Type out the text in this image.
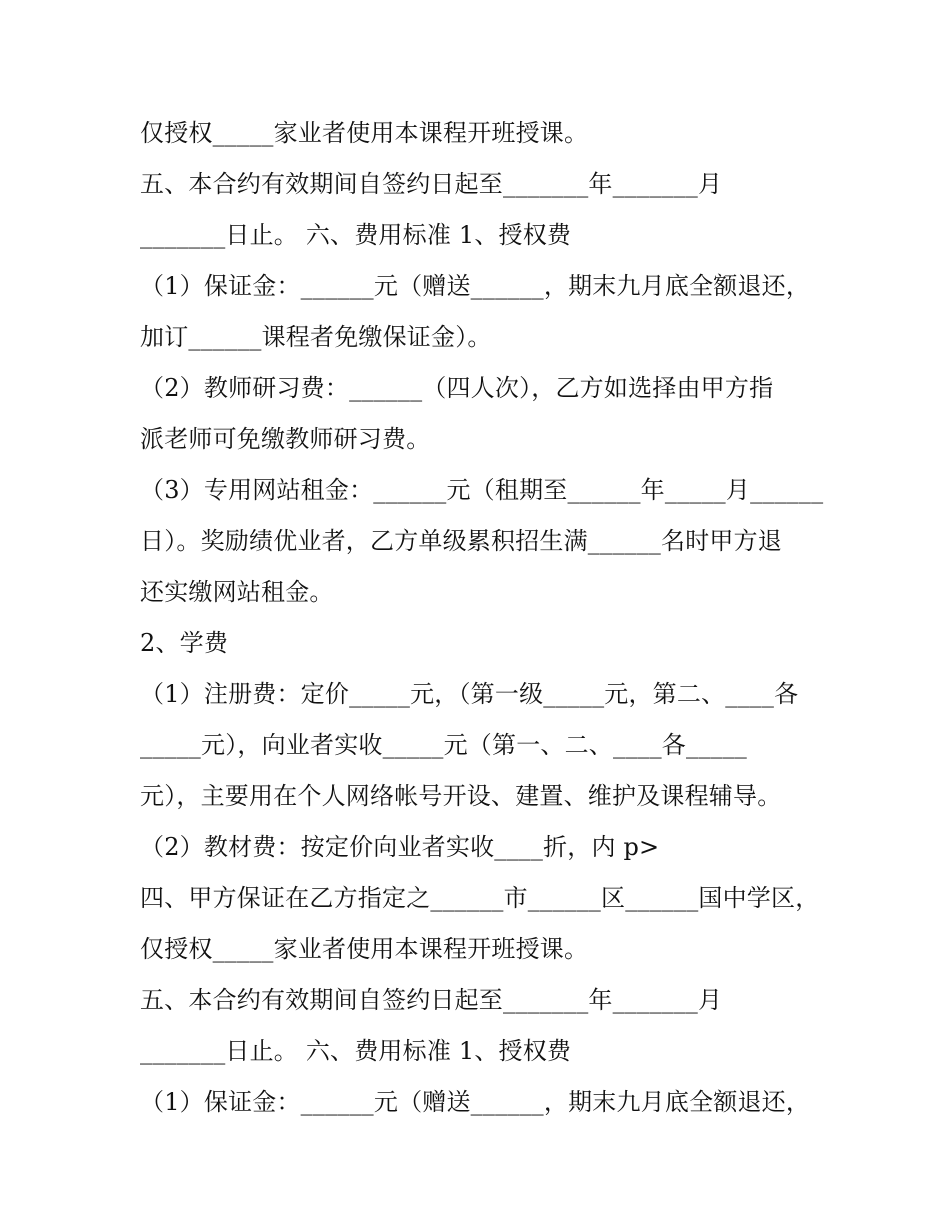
仅授权_____家业者使用本课程开班授课。
五、本合约有效期间自签约日起至_______年_______月
_______日止。 六、费用标准 1、授权费
（1）保证金：______元（赠送______，期末九月底全额退还，
加订______课程者免缴保证金）。
（2）教师研习费：______（四人次），乙方如选择由甲方指
派老师可免缴教师研习费。
（3）专用网站租金：______元（租期至______年_____月______
日）。奖励绩优业者，乙方单级累积招生满______名时甲方退
还实缴网站租金。
2、学费
（1）注册费：定价_____元，（第一级_____元，第二、____各
_____元），向业者实收_____元（第一、二、____各_____
元），主要用在个人网络帐号开设、建置、维护及课程辅导。
（2）教材费：按定价向业者实收____折，内 p>
四、甲方保证在乙方指定之______市______区______国中学区，
仅授权_____家业者使用本课程开班授课。
五、本合约有效期间自签约日起至_______年_______月
_______日止。 六、费用标准 1、授权费
（1）保证金：______元（赠送______，期末九月底全额退还，
